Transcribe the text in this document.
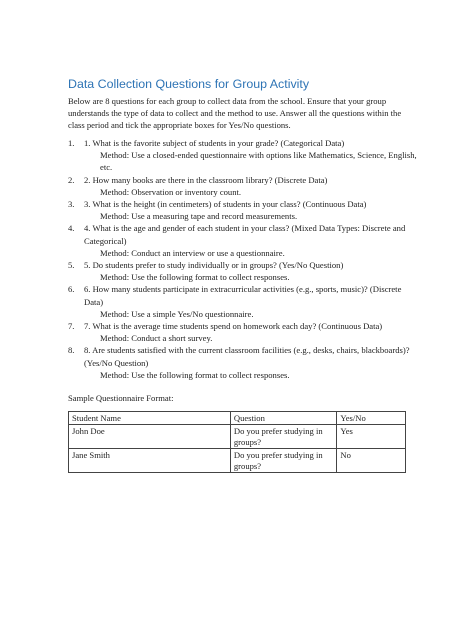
Data Collection Questions for Group Activity
Below are 8 questions for each group to collect data from the school. Ensure that your group understands the type of data to collect and the method to use. Answer all the questions within the class period and tick the appropriate boxes for Yes/No questions.
1.	1. What is the favorite subject of students in your grade? (Categorical Data)
Method: Use a closed-ended questionnaire with options like Mathematics, Science, English, etc.
2.	2. How many books are there in the classroom library? (Discrete Data)
Method: Observation or inventory count.
3.	3. What is the height (in centimeters) of students in your class? (Continuous Data)
Method: Use a measuring tape and record measurements.
4.	4. What is the age and gender of each student in your class? (Mixed Data Types: Discrete and Categorical)
Method: Conduct an interview or use a questionnaire.
5.	5. Do students prefer to study individually or in groups? (Yes/No Question)
Method: Use the following format to collect responses.
6.	6. How many students participate in extracurricular activities (e.g., sports, music)? (Discrete Data)
Method: Use a simple Yes/No questionnaire.
7.	7. What is the average time students spend on homework each day? (Continuous Data)
Method: Conduct a short survey.
8.	8. Are students satisfied with the current classroom facilities (e.g., desks, chairs, blackboards)? (Yes/No Question)
Method: Use the following format to collect responses.
Sample Questionnaire Format:
Student Name	Question	Yes/No
John Doe	Do you prefer studying in groups?	Yes
Jane Smith	Do you prefer studying in groups?	No
